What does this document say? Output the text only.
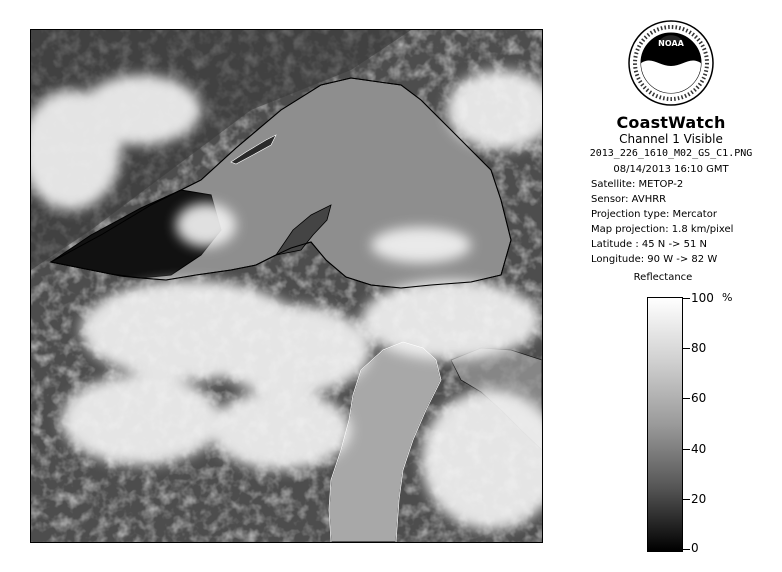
NOAA
CoastWatch
Channel 1 Visible
2013_226_1610_M02_GS_C1.PNG
08/14/2013 16:10 GMT
Satellite: METOP-2
Sensor: AVHRR
Projection type: Mercator
Map projection: 1.8 km/pixel
Latitude : 45 N -> 51 N
Longitude: 90 W -> 82 W
Reflectance
%
100
80
60
40
20
0
